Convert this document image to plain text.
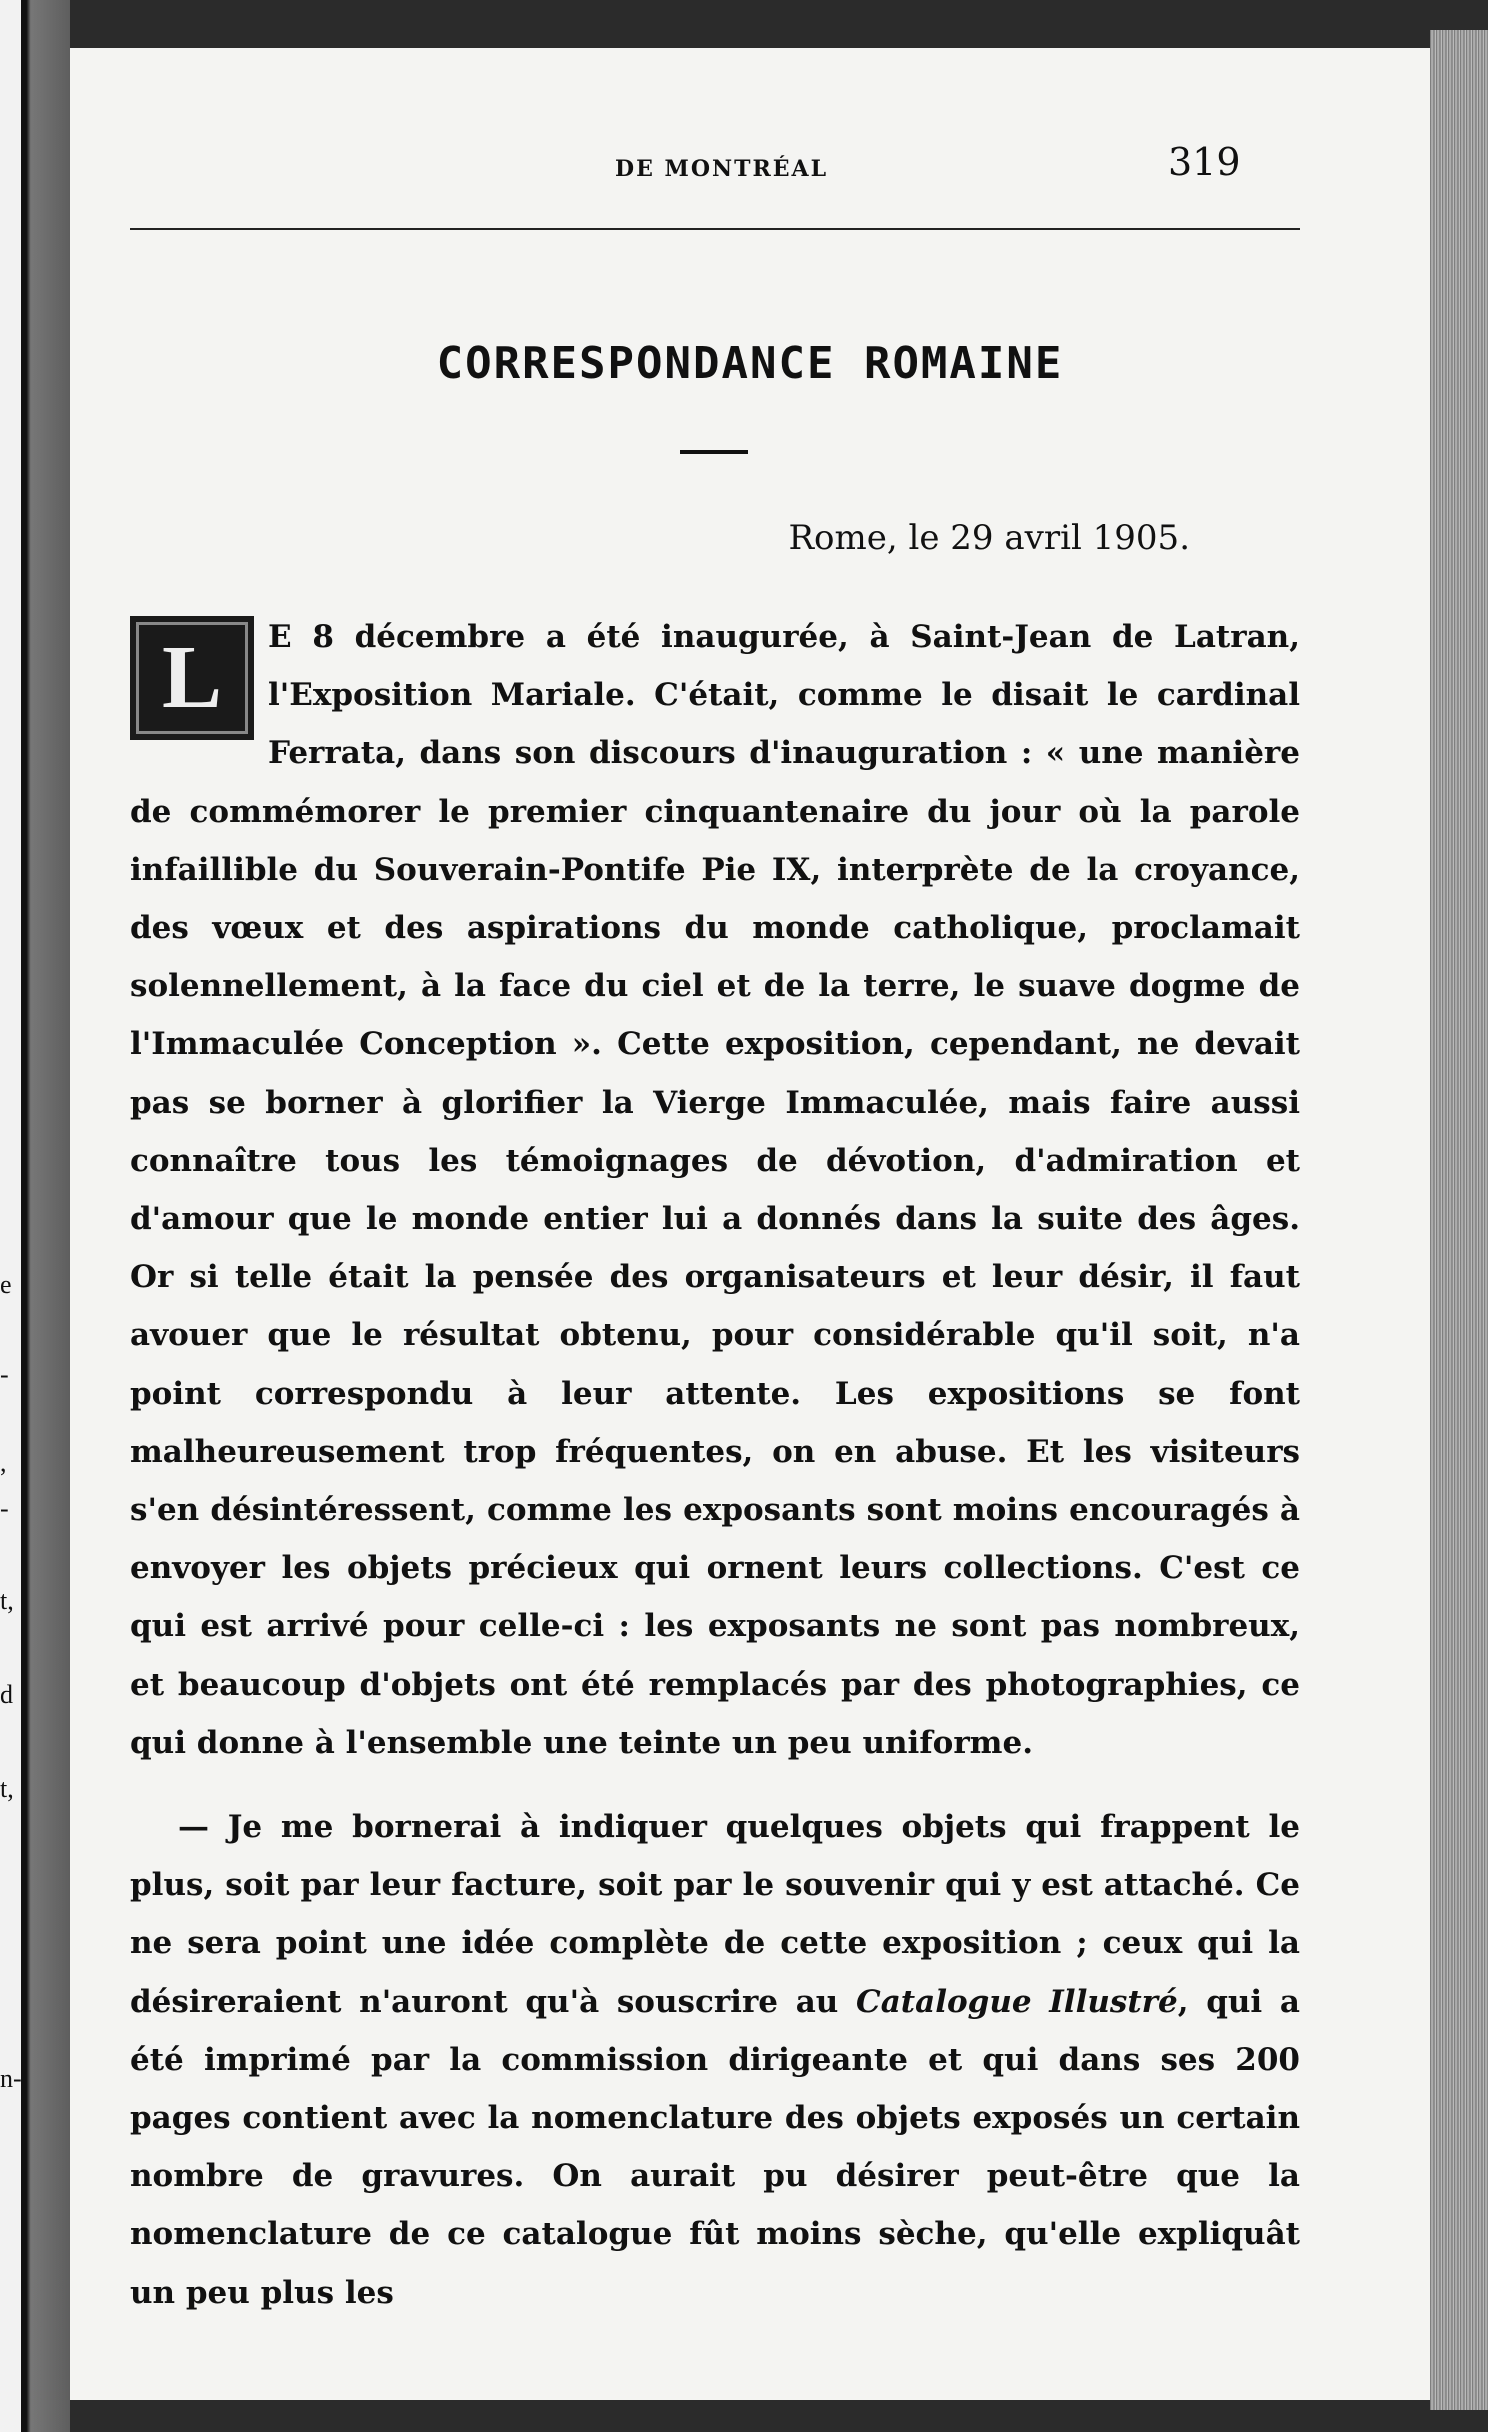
e
-
,
-
t,
d
t,
n-
DE MONTRÉAL	319
CORRESPONDANCE ROMAINE
Rome, le 29 avril 1905.

L	E 8 décembre a été inaugurée, à Saint-Jean de Latran, l'Exposition Mariale. C'était, comme le disait le cardinal Ferrata, dans son discours d'inauguration : « une manière de commémorer le premier cinquantenaire du jour où la parole infaillible du Souverain-Pontife Pie IX, interprète de la croyance, des vœux et des aspirations du monde catholique, proclamait solennellement, à la face du ciel et de la terre, le suave dogme de l'Immaculée Conception ». Cette exposition, cependant, ne devait pas se borner à glorifier la Vierge Immaculée, mais faire aussi connaître tous les témoignages de dévotion, d'admiration et d'amour que le monde entier lui a donnés dans la suite des âges. Or si telle était la pensée des organisateurs et leur désir, il faut avouer que le résultat obtenu, pour considérable qu'il soit, n'a point correspondu à leur attente. Les expositions se font malheureusement trop fréquentes, on en abuse. Et les visiteurs s'en désintéressent, comme les exposants sont moins encouragés à envoyer les objets précieux qui ornent leurs collections. C'est ce qui est arrivé pour celle-ci : les exposants ne sont pas nombreux, et beaucoup d'objets ont été remplacés par des photographies, ce qui donne à l'ensemble une teinte un peu uniforme.

— Je me bornerai à indiquer quelques objets qui frappent le plus, soit par leur facture, soit par le souvenir qui y est attaché. Ce ne sera point une idée complète de cette exposition ; ceux qui la désireraient n'auront qu'à souscrire au Catalogue Illustré, qui a été imprimé par la commission dirigeante et qui dans ses 200 pages contient avec la nomenclature des objets exposés un certain nombre de gravures. On aurait pu désirer peut-être que la nomenclature de ce catalogue fût moins sèche, qu'elle expliquât un peu plus les
